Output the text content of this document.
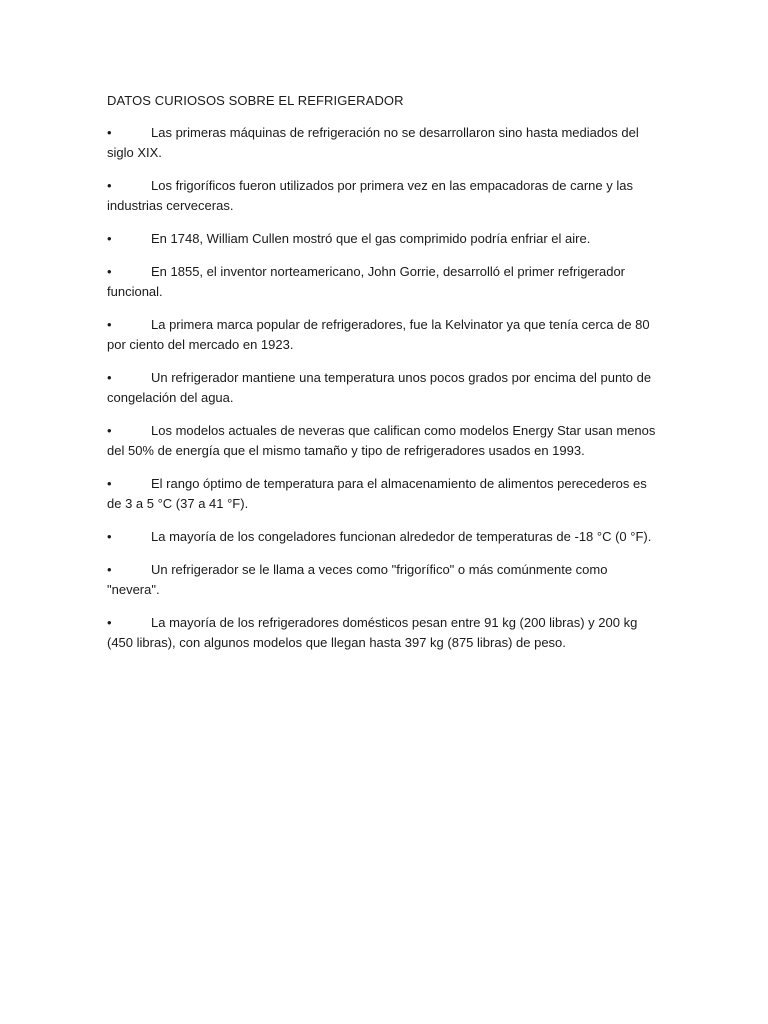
DATOS CURIOSOS SOBRE EL REFRIGERADOR
•	Las primeras máquinas de refrigeración no se desarrollaron sino hasta mediados del siglo XIX.
•	Los frigoríficos fueron utilizados por primera vez en las empacadoras de carne y las industrias cerveceras.
•	En 1748, William Cullen mostró que el gas comprimido podría enfriar el aire.
•	En 1855, el inventor norteamericano, John Gorrie, desarrolló el primer refrigerador funcional.
•	La primera marca popular de refrigeradores, fue la Kelvinator ya que tenía cerca de 80 por ciento del mercado en 1923.
•	Un refrigerador mantiene una temperatura unos pocos grados por encima del punto de congelación del agua.
•	Los modelos actuales de neveras que califican como modelos Energy Star usan menos del 50% de energía que el mismo tamaño y tipo de refrigeradores usados en 1993.
•	El rango óptimo de temperatura para el almacenamiento de alimentos perecederos es de 3 a 5 °C (37 a 41 °F).
•	La mayoría de los congeladores funcionan alrededor de temperaturas de -18 °C (0 °F).
•	Un refrigerador se le llama a veces como "frigorífico" o más comúnmente como "nevera".
•	La mayoría de los refrigeradores domésticos pesan entre 91 kg (200 libras) y 200 kg (450 libras), con algunos modelos que llegan hasta 397 kg (875 libras) de peso.
